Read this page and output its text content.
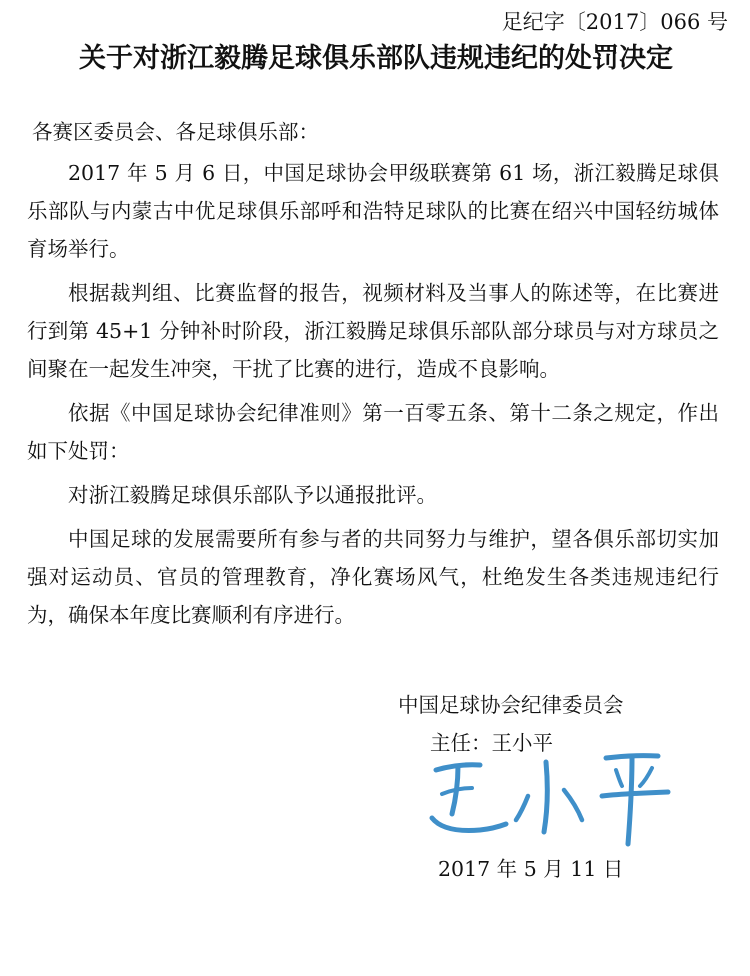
足纪字〔2017〕066 号
关于对浙江毅腾足球俱乐部队违规违纪的处罚决定
各赛区委员会、各足球俱乐部：

2017 年 5 月 6 日，中国足球协会甲级联赛第 61 场，浙江毅腾足球俱乐部队与内蒙古中优足球俱乐部呼和浩特足球队的比赛在绍兴中国轻纺城体育场举行。

根据裁判组、比赛监督的报告，视频材料及当事人的陈述等，在比赛进行到第 45+1 分钟补时阶段，浙江毅腾足球俱乐部队部分球员与对方球员之间聚在一起发生冲突，干扰了比赛的进行，造成不良影响。

依据《中国足球协会纪律准则》第一百零五条、第十二条之规定，作出如下处罚：

对浙江毅腾足球俱乐部队予以通报批评。

中国足球的发展需要所有参与者的共同努力与维护，望各俱乐部切实加强对运动员、官员的管理教育，净化赛场风气，杜绝发生各类违规违纪行为，确保本年度比赛顺利有序进行。

中国足球协会纪律委员会
主任：王小平
2017 年 5 月 11 日
